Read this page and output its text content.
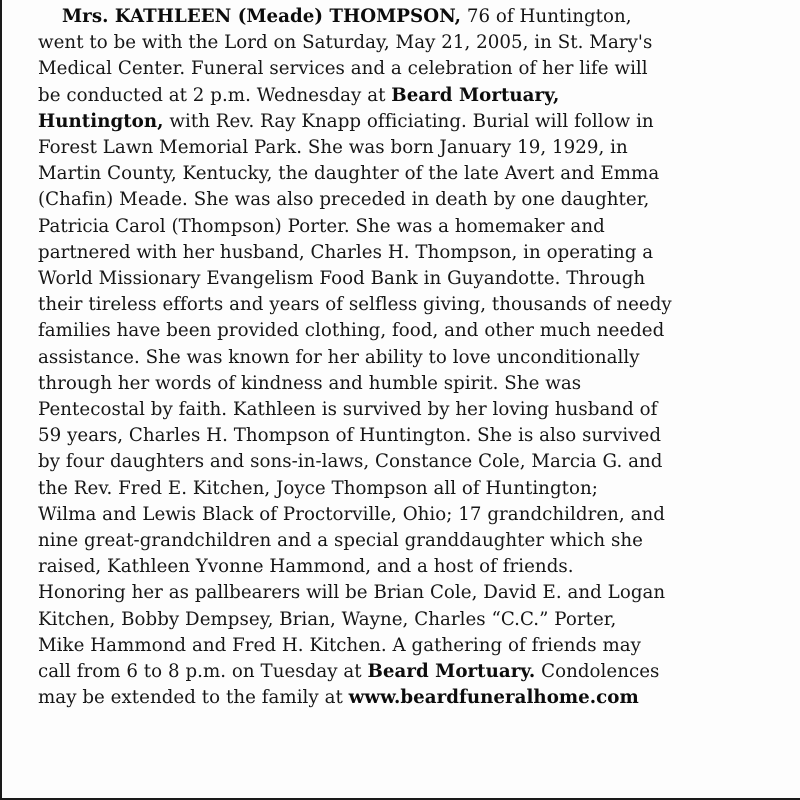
Mrs. KATHLEEN (Meade) THOMPSON, 76 of Huntington,
went to be with the Lord on Saturday, May 21, 2005, in St. Mary's
Medical Center. Funeral services and a celebration of her life will
be conducted at 2 p.m. Wednesday at Beard Mortuary,
Huntington, with Rev. Ray Knapp officiating. Burial will follow in
Forest Lawn Memorial Park. She was born January 19, 1929, in
Martin County, Kentucky, the daughter of the late Avert and Emma
(Chafin) Meade. She was also preceded in death by one daughter,
Patricia Carol (Thompson) Porter. She was a homemaker and
partnered with her husband, Charles H. Thompson, in operating a
World Missionary Evangelism Food Bank in Guyandotte. Through
their tireless efforts and years of selfless giving, thousands of needy
families have been provided clothing, food, and other much needed
assistance. She was known for her ability to love unconditionally
through her words of kindness and humble spirit. She was
Pentecostal by faith. Kathleen is survived by her loving husband of
59 years, Charles H. Thompson of Huntington. She is also survived
by four daughters and sons-in-laws, Constance Cole, Marcia G. and
the Rev. Fred E. Kitchen, Joyce Thompson all of Huntington;
Wilma and Lewis Black of Proctorville, Ohio; 17 grandchildren, and
nine great-grandchildren and a special granddaughter which she
raised, Kathleen Yvonne Hammond, and a host of friends.
Honoring her as pallbearers will be Brian Cole, David E. and Logan
Kitchen, Bobby Dempsey, Brian, Wayne, Charles “C.C.” Porter,
Mike Hammond and Fred H. Kitchen. A gathering of friends may
call from 6 to 8 p.m. on Tuesday at Beard Mortuary. Condolences
may be extended to the family at www.beardfuneralhome.com
